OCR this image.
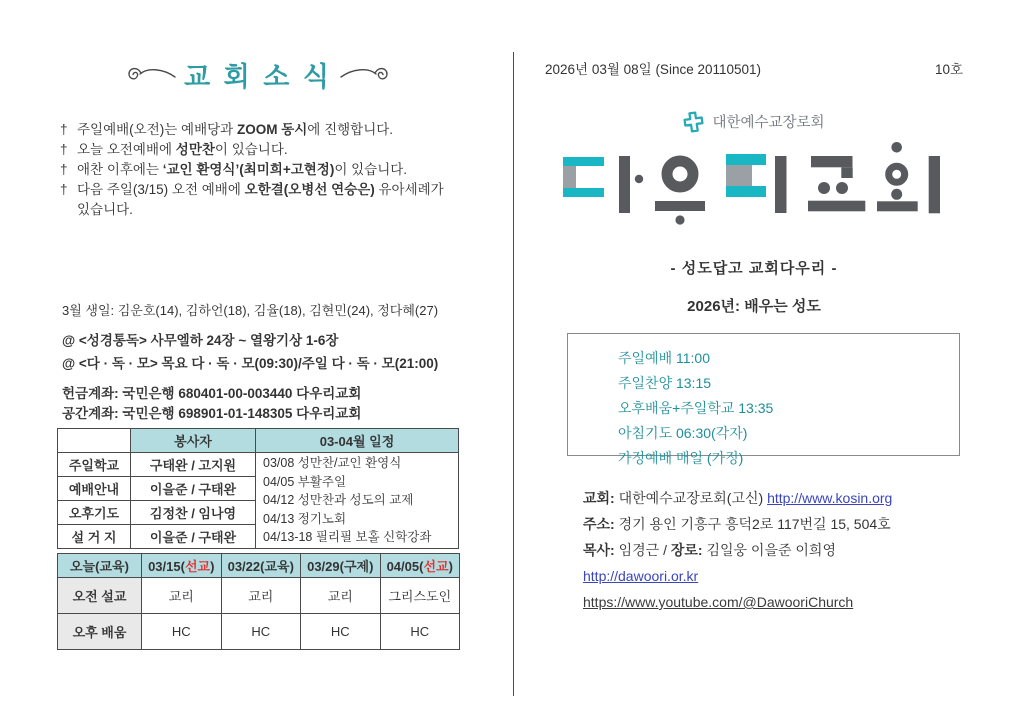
교 회 소 식
† 주일예배(오전)는 예배당과 ZOOM 동시에 진행합니다.
† 오늘 오전예배에 성만찬이 있습니다.
† 애찬 이후에는 ‘교인 환영식’(최미희+고현정)이 있습니다.
† 다음 주일(3/15) 오전 예배에 오한결(오병선 연승은) 유아세례가 있습니다.
3월 생일: 김운호(14), 김하언(18), 김율(18), 김현민(24), 정다혜(27)
@ <성경통독> 사무엘하 24장 ~ 열왕기상 1-6장
@ <다 · 독 · 모> 목요 다 · 독 · 모(09:30)/주일 다 · 독 · 모(21:00)
헌금계좌: 국민은행 680401-00-003440 다우리교회
공간계좌: 국민은행 698901-01-148305 다우리교회
	봉사자	03-04월 일정
주일학교	구태완 / 고지원	03/08 성만찬/교인 환영식
04/05 부활주일
04/12 성만찬과 성도의 교제
04/13 정기노회
04/13-18 필리필 보홀 신학강좌

예배안내	이을준 / 구태완	
오후기도	김정찬 / 임나영	
설 거 지	이을준 / 구태완	
오늘(교육)	03/15(선교)	03/22(교육)	03/29(구제)	04/05(선교)
오전 설교	교리	교리	교리	그리스도인
오후 배움	HC	HC	HC	HC
2026년 03월 08일 (Since 20110501)	10호
대한예수교장로회
- 성도답고 교회다우리 -
2026년: 배우는 성도
주일예배 11:00
주일찬양 13:15
오후배움+주일학교 13:35
아침기도 06:30(각자)
가정예배 매일 (가정)
교회: 대한예수교장로회(고신) http://www.kosin.org
주소: 경기 용인 기흥구 흥덕2로 117번길 15, 504호
목사: 임경근 / 장로: 김일웅 이을준 이희영
http://dawoori.or.kr
https://www.youtube.com/@DawooriChurch
